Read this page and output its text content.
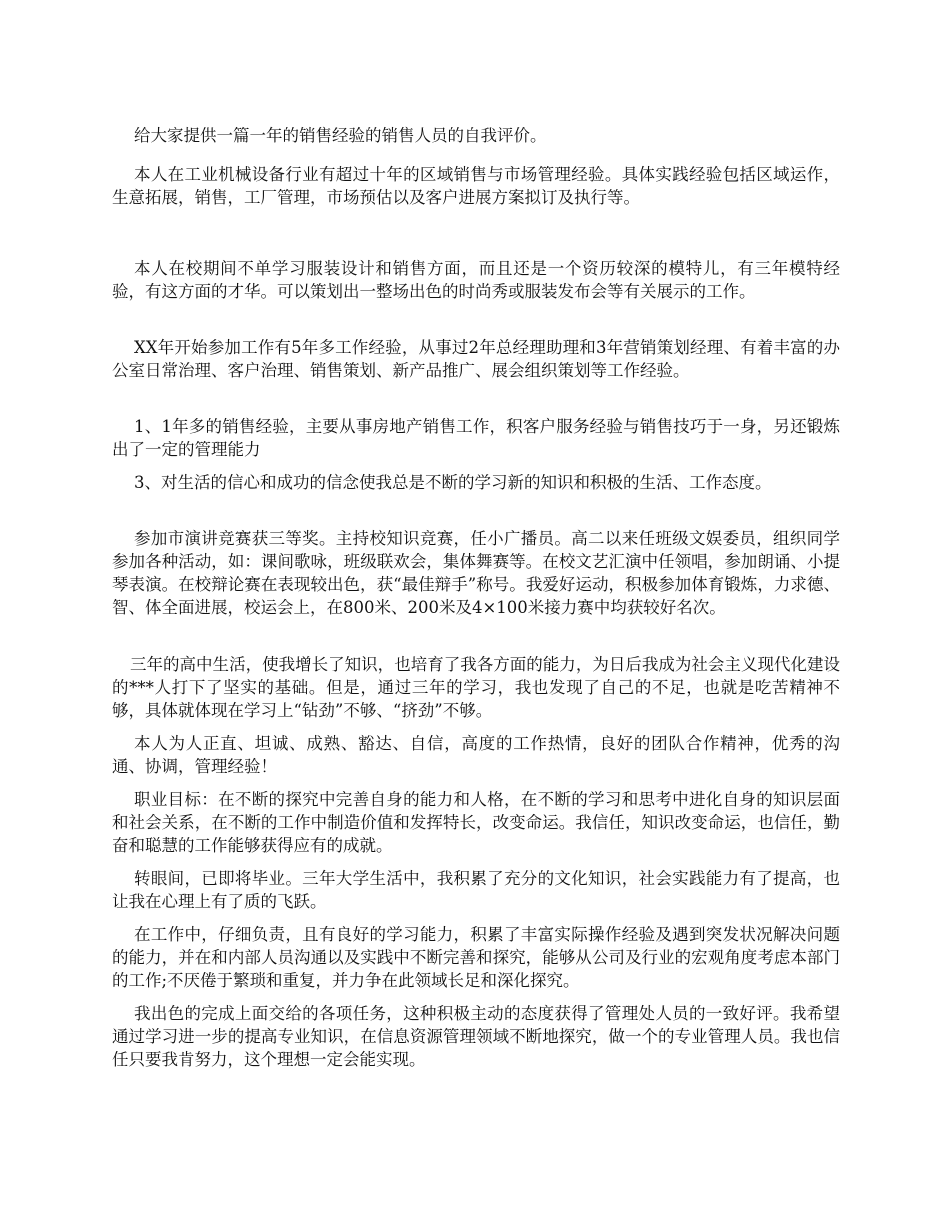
给大家提供一篇一年的销售经验的销售人员的自我评价。

本人在工业机械设备行业有超过十年的区域销售与市场管理经验。具体实践经验包括区域运作，生意拓展，销售，工厂管理，市场预估以及客户进展方案拟订及执行等。

本人在校期间不单学习服装设计和销售方面，而且还是一个资历较深的模特儿，有三年模特经验，有这方面的才华。可以策划出一整场出色的时尚秀或服装发布会等有关展示的工作。

XX年开始参加工作有5年多工作经验，从事过2年总经理助理和3年营销策划经理、有着丰富的办公室日常治理、客户治理、销售策划、新产品推广、展会组织策划等工作经验。

1、1年多的销售经验，主要从事房地产销售工作，积客户服务经验与销售技巧于一身，另还锻炼出了一定的管理能力

3、对生活的信心和成功的信念使我总是不断的学习新的知识和积极的生活、工作态度。

参加市演讲竞赛获三等奖。主持校知识竞赛，任小广播员。高二以来任班级文娱委员，组织同学参加各种活动，如：课间歌咏，班级联欢会，集体舞赛等。在校文艺汇演中任领唱，参加朗诵、小提琴表演。在校辩论赛在表现较出色，获“最佳辩手”称号。我爱好运动，积极参加体育锻炼，力求德、智、体全面进展，校运会上，在800米、200米及4×100米接力赛中均获较好名次。

三年的高中生活，使我增长了知识，也培育了我各方面的能力，为日后我成为社会主义现代化建设的***人打下了坚实的基础。但是，通过三年的学习，我也发现了自己的不足，也就是吃苦精神不够，具体就体现在学习上“钻劲”不够、“挤劲”不够。

本人为人正直、坦诚、成熟、豁达、自信，高度的工作热情，良好的团队合作精神，优秀的沟通、协调，管理经验！

职业目标：在不断的探究中完善自身的能力和人格，在不断的学习和思考中进化自身的知识层面和社会关系，在不断的工作中制造价值和发挥特长，改变命运。我信任，知识改变命运，也信任，勤奋和聪慧的工作能够获得应有的成就。

转眼间，已即将毕业。三年大学生活中，我积累了充分的文化知识，社会实践能力有了提高，也让我在心理上有了质的飞跃。

在工作中，仔细负责，且有良好的学习能力，积累了丰富实际操作经验及遇到突发状况解决问题的能力，并在和内部人员沟通以及实践中不断完善和探究，能够从公司及行业的宏观角度考虑本部门的工作;不厌倦于繁琐和重复，并力争在此领域长足和深化探究。

我出色的完成上面交给的各项任务，这种积极主动的态度获得了管理处人员的一致好评。我希望通过学习进一步的提高专业知识，在信息资源管理领域不断地探究，做一个的专业管理人员。我也信任只要我肯努力，这个理想一定会能实现。
